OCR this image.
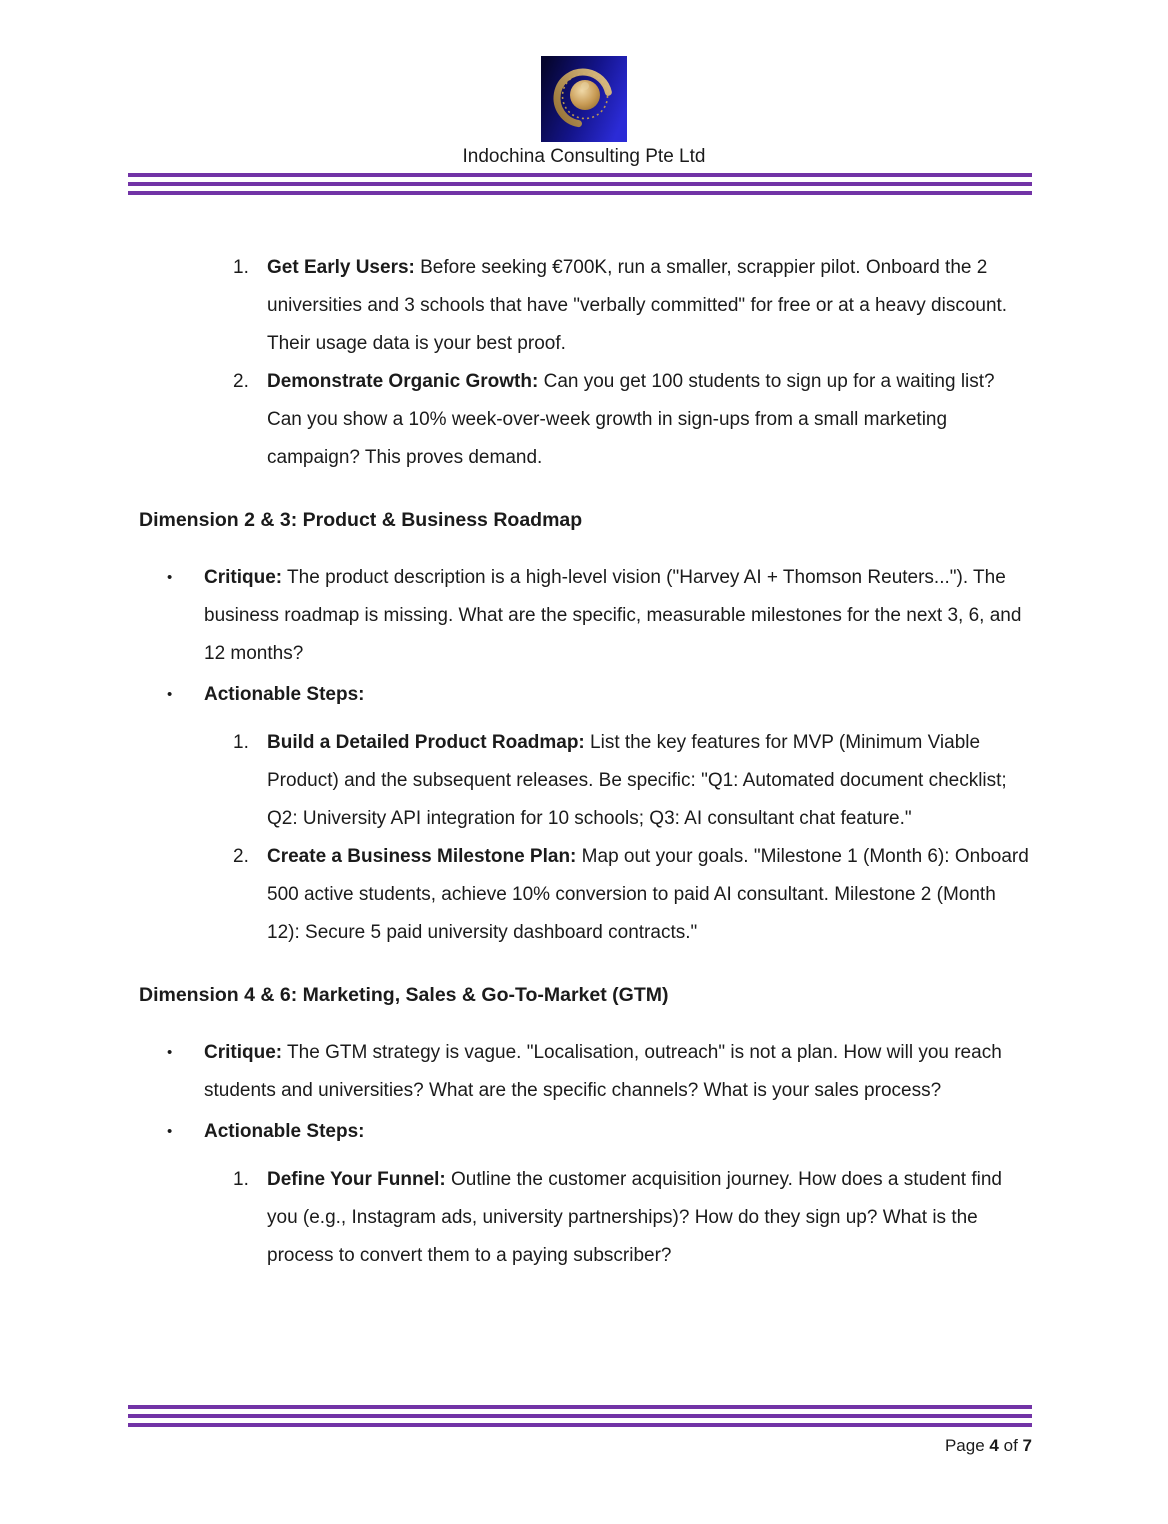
Indochina Consulting Pte Ltd
1. Get Early Users: Before seeking €700K, run a smaller, scrappier pilot. Onboard the 2 universities and 3 schools that have "verbally committed" for free or at a heavy discount. Their usage data is your best proof.

2. Demonstrate Organic Growth: Can you get 100 students to sign up for a waiting list? Can you show a 10% week-over-week growth in sign-ups from a small marketing campaign? This proves demand.

Dimension 2 & 3: Product & Business Roadmap
•	Critique: The product description is a high-level vision ("Harvey AI + Thomson Reuters..."). The business roadmap is missing. What are the specific, measurable milestones for the next 3, 6, and 12 months?

•	Actionable Steps:

1. Build a Detailed Product Roadmap: List the key features for MVP (Minimum Viable Product) and the subsequent releases. Be specific: "Q1: Automated document checklist; Q2: University API integration for 10 schools; Q3: AI consultant chat feature."

2. Create a Business Milestone Plan: Map out your goals. "Milestone 1 (Month 6): Onboard 500 active students, achieve 10% conversion to paid AI consultant. Milestone 2 (Month 12): Secure 5 paid university dashboard contracts."

Dimension 4 & 6: Marketing, Sales & Go-To-Market (GTM)
•	Critique: The GTM strategy is vague. "Localisation, outreach" is not a plan. How will you reach students and universities? What are the specific channels? What is your sales process?

•	Actionable Steps:

1. Define Your Funnel: Outline the customer acquisition journey. How does a student find you (e.g., Instagram ads, university partnerships)? How do they sign up? What is the process to convert them to a paying subscriber?

Page 4 of 7
